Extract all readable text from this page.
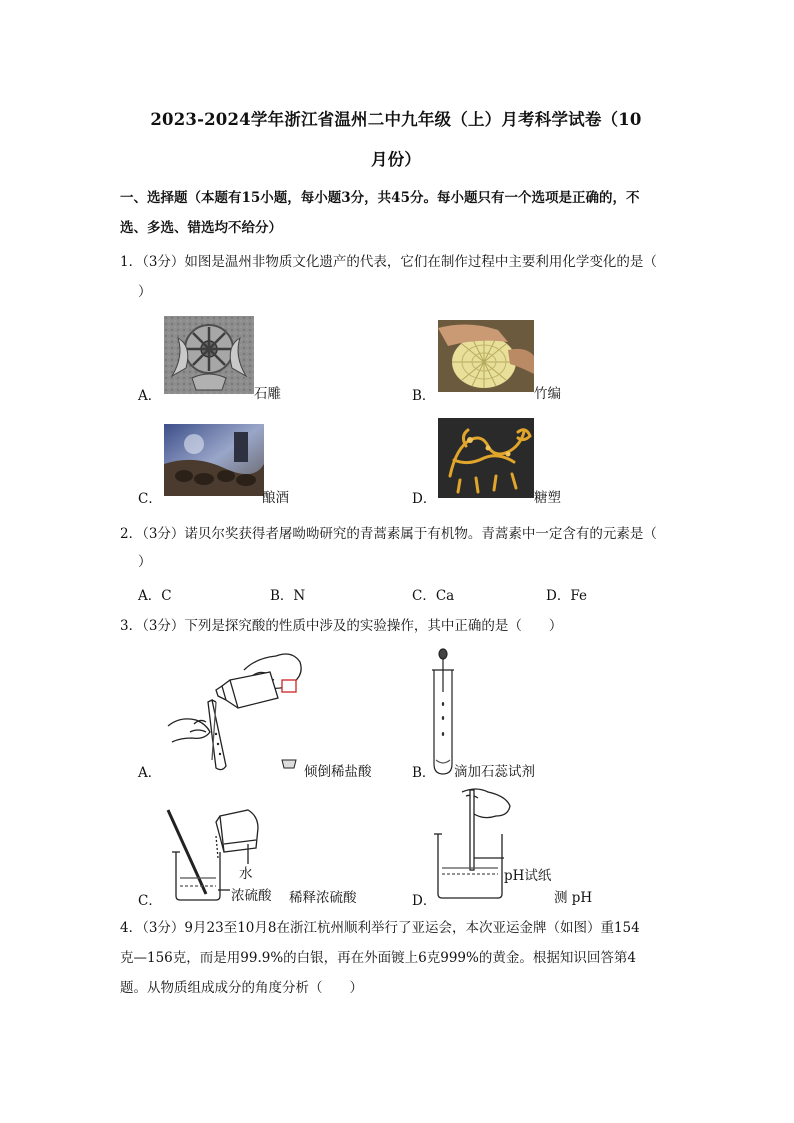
2023-2024学年浙江省温州二中九年级（上）月考科学试卷（10
月份）
一、选择题（本题有15小题，每小题3分，共45分。每小题只有一个选项是正确的，不
选、多选、错选均不给分）
1．（3分）如图是温州非物质文化遗产的代表，它们在制作过程中主要利用化学变化的是（
）
A．	石雕	B．	竹编
C．	酿酒	D．	糖塑
2．（3分）诺贝尔奖获得者屠呦呦研究的青蒿素属于有机物。青蒿素中一定含有的元素是（
）
A．C	B．N	C．Ca	D．Fe
3．（3分）下列是探究酸的性质中涉及的实验操作，其中正确的是（　　）
A．	倾倒稀盐酸	B． 滴加石蕊试剂
C．
水
浓硫酸 稀释浓硫酸	D．
pH试纸
测 pH
4．（3分）9月23至10月8在浙江杭州顺利举行了亚运会，本次亚运金牌（如图）重154
克—156克，而是用99.9%的白银，再在外面镀上6克999%的黄金。根据知识回答第4
题。从物质组成成分的角度分析（　　）
